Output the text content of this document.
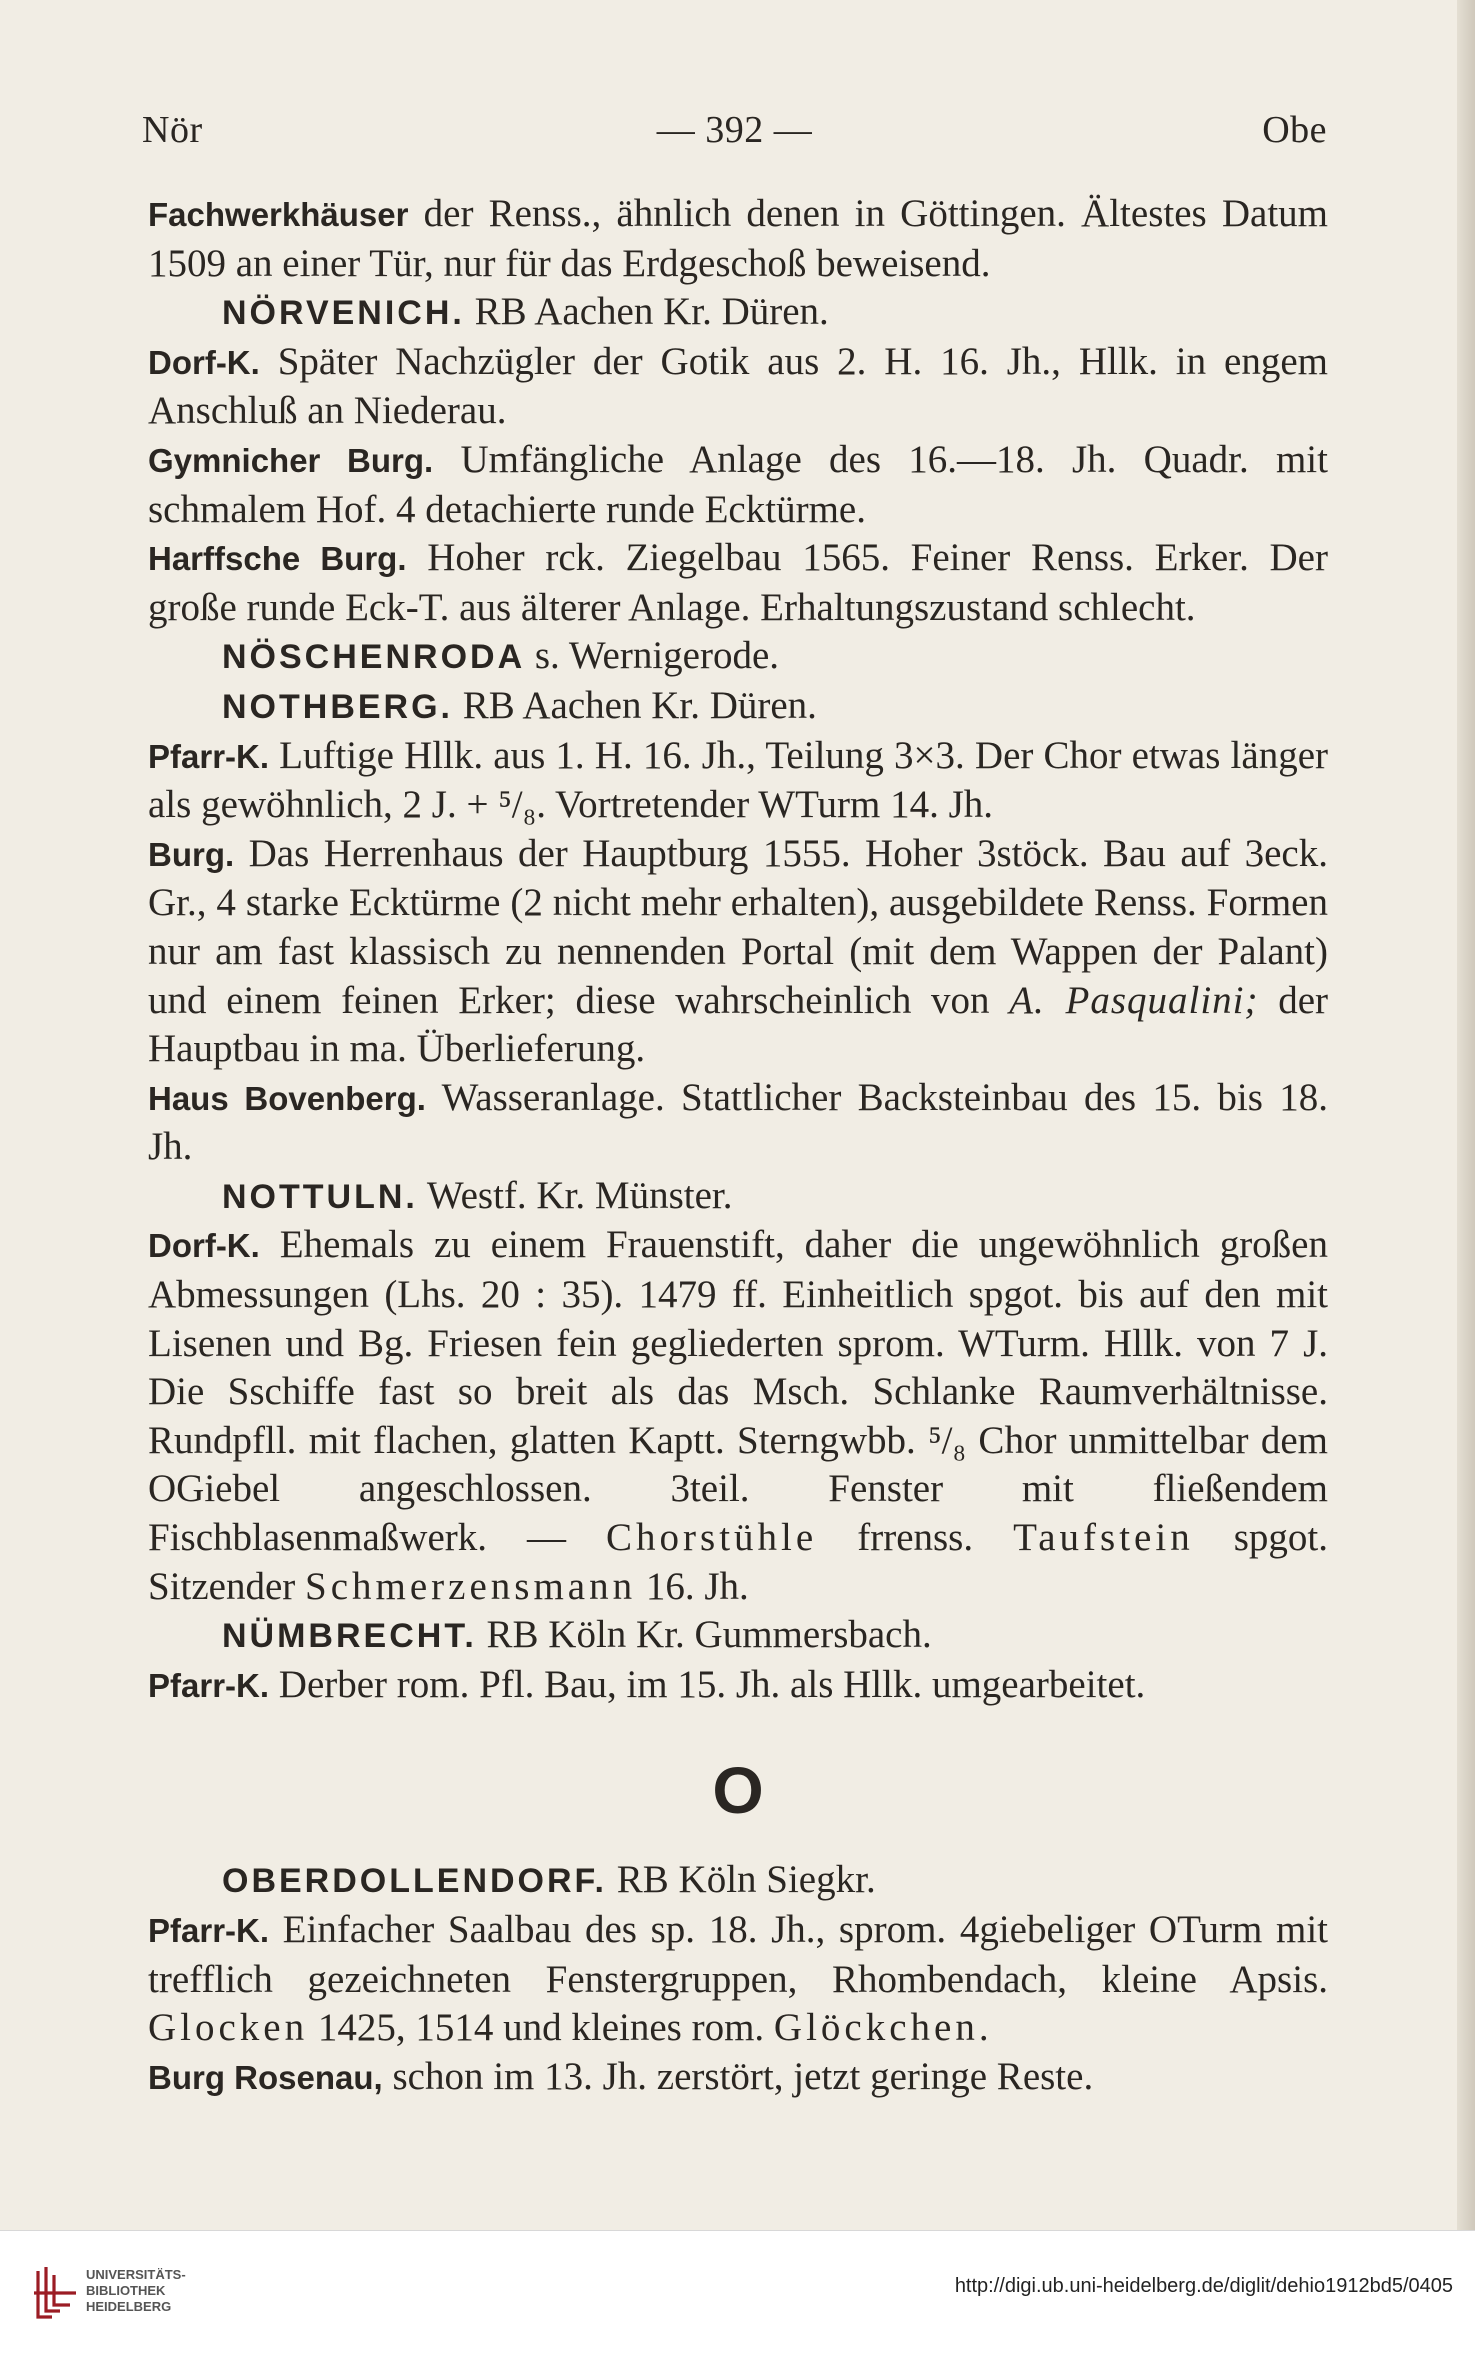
Nör	— 392 —	Obe

Fachwerkhäuser der Renss., ähnlich denen in Göttingen. Ältestes Datum 1509 an einer Tür, nur für das Erdgeschoß beweisend.

NÖRVENICH. RB Aachen Kr. Düren.

Dorf-K. Später Nachzügler der Gotik aus 2. H. 16. Jh., Hllk. in engem Anschluß an Niederau.

Gymnicher Burg. Umfängliche Anlage des 16.—18. Jh. Quadr. mit schmalem Hof. 4 detachierte runde Ecktürme.

Harffsche Burg. Hoher rck. Ziegelbau 1565. Feiner Renss. Erker. Der große runde Eck-T. aus älterer Anlage. Erhaltungszustand schlecht.

NÖSCHENRODA s. Wernigerode.

NOTHBERG. RB Aachen Kr. Düren.

Pfarr-K. Luftige Hllk. aus 1. H. 16. Jh., Teilung 3×3. Der Chor etwas länger als gewöhnlich, 2 J. + ⁵/₈. Vortretender WTurm 14. Jh.

Burg. Das Herrenhaus der Hauptburg 1555. Hoher 3stöck. Bau auf 3eck. Gr., 4 starke Ecktürme (2 nicht mehr erhalten), ausgebildete Renss. Formen nur am fast klassisch zu nennenden Portal (mit dem Wappen der Palant) und einem feinen Erker; diese wahrscheinlich von A. Pasqualini; der Hauptbau in ma. Überlieferung.

Haus Bovenberg. Wasseranlage. Stattlicher Backsteinbau des 15. bis 18. Jh.

NOTTULN. Westf. Kr. Münster.

Dorf-K. Ehemals zu einem Frauenstift, daher die ungewöhnlich großen Abmessungen (Lhs. 20 : 35). 1479 ff. Einheitlich spgot. bis auf den mit Lisenen und Bg. Friesen fein gegliederten sprom. WTurm. Hllk. von 7 J. Die Sschiffe fast so breit als das Msch. Schlanke Raumverhältnisse. Rundpfll. mit flachen, glatten Kaptt. Sterngwbb. ⁵/₈ Chor unmittelbar dem OGiebel angeschlossen. 3teil. Fenster mit fließendem Fischblasenmaßwerk. — Chorstühle frrenss. Taufstein spgot. Sitzender Schmerzensmann 16. Jh.

NÜMBRECHT. RB Köln Kr. Gummersbach.

Pfarr-K. Derber rom. Pfl. Bau, im 15. Jh. als Hllk. umgearbeitet.

O

OBERDOLLENDORF. RB Köln Siegkr.

Pfarr-K. Einfacher Saalbau des sp. 18. Jh., sprom. 4giebeliger OTurm mit trefflich gezeichneten Fenstergruppen, Rhombendach, kleine Apsis. Glocken 1425, 1514 und kleines rom. Glöckchen.

Burg Rosenau, schon im 13. Jh. zerstört, jetzt geringe Reste.

UNIVERSITÄTS-
BIBLIOTHEK
HEIDELBERG
http://digi.ub.uni-heidelberg.de/diglit/dehio1912bd5/0405
